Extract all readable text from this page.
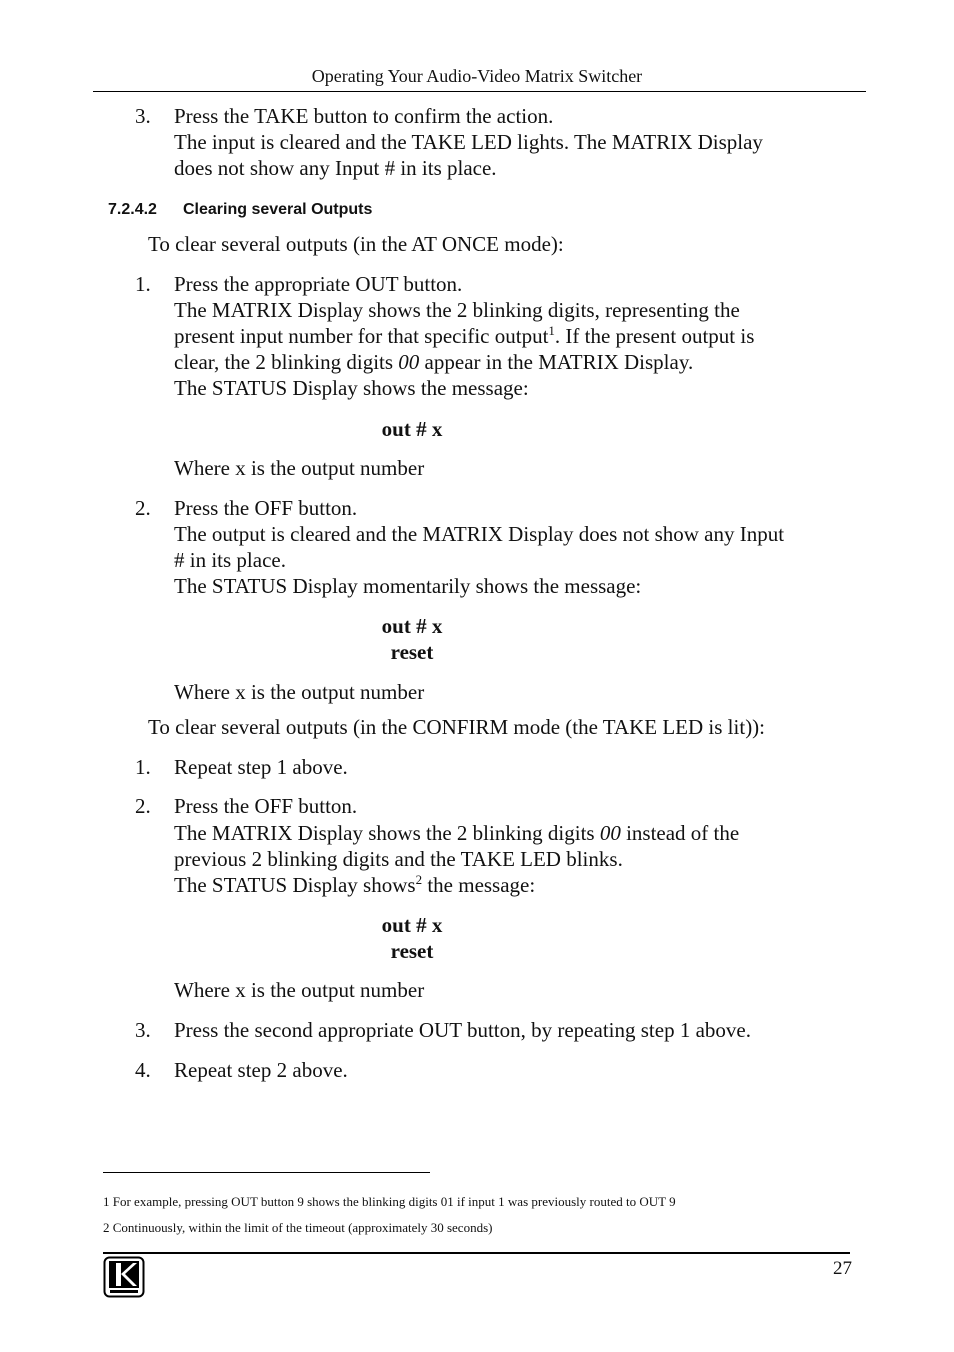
Operating Your Audio-Video Matrix Switcher
3. Press the TAKE button to confirm the action.
The input is cleared and the TAKE LED lights. The MATRIX Display
does not show any Input # in its place.
7.2.4.2 Clearing several Outputs
To clear several outputs (in the AT ONCE mode):
1. Press the appropriate OUT button.
The MATRIX Display shows the 2 blinking digits, representing the
present input number for that specific output$^1$. If the present output is
clear, the 2 blinking digits 00 appear in the MATRIX Display.
The STATUS Display shows the message:
out # x
Where x is the output number
2. Press the OFF button.
The output is cleared and the MATRIX Display does not show any Input
# in its place.
The STATUS Display momentarily shows the message:
out # x
reset
Where x is the output number
To clear several outputs (in the CONFIRM mode (the TAKE LED is lit)):
1. Repeat step 1 above.
2. Press the OFF button.
The MATRIX Display shows the 2 blinking digits 00 instead of the
previous 2 blinking digits and the TAKE LED blinks.
The STATUS Display shows$^2$ the message:
out # x
reset
Where x is the output number
3. Press the second appropriate OUT button, by repeating step 1 above.
4. Repeat step 2 above.
1 For example, pressing OUT button 9 shows the blinking digits 01 if input 1 was previously routed to OUT 9
2 Continuously, within the limit of the timeout (approximately 30 seconds)
27
